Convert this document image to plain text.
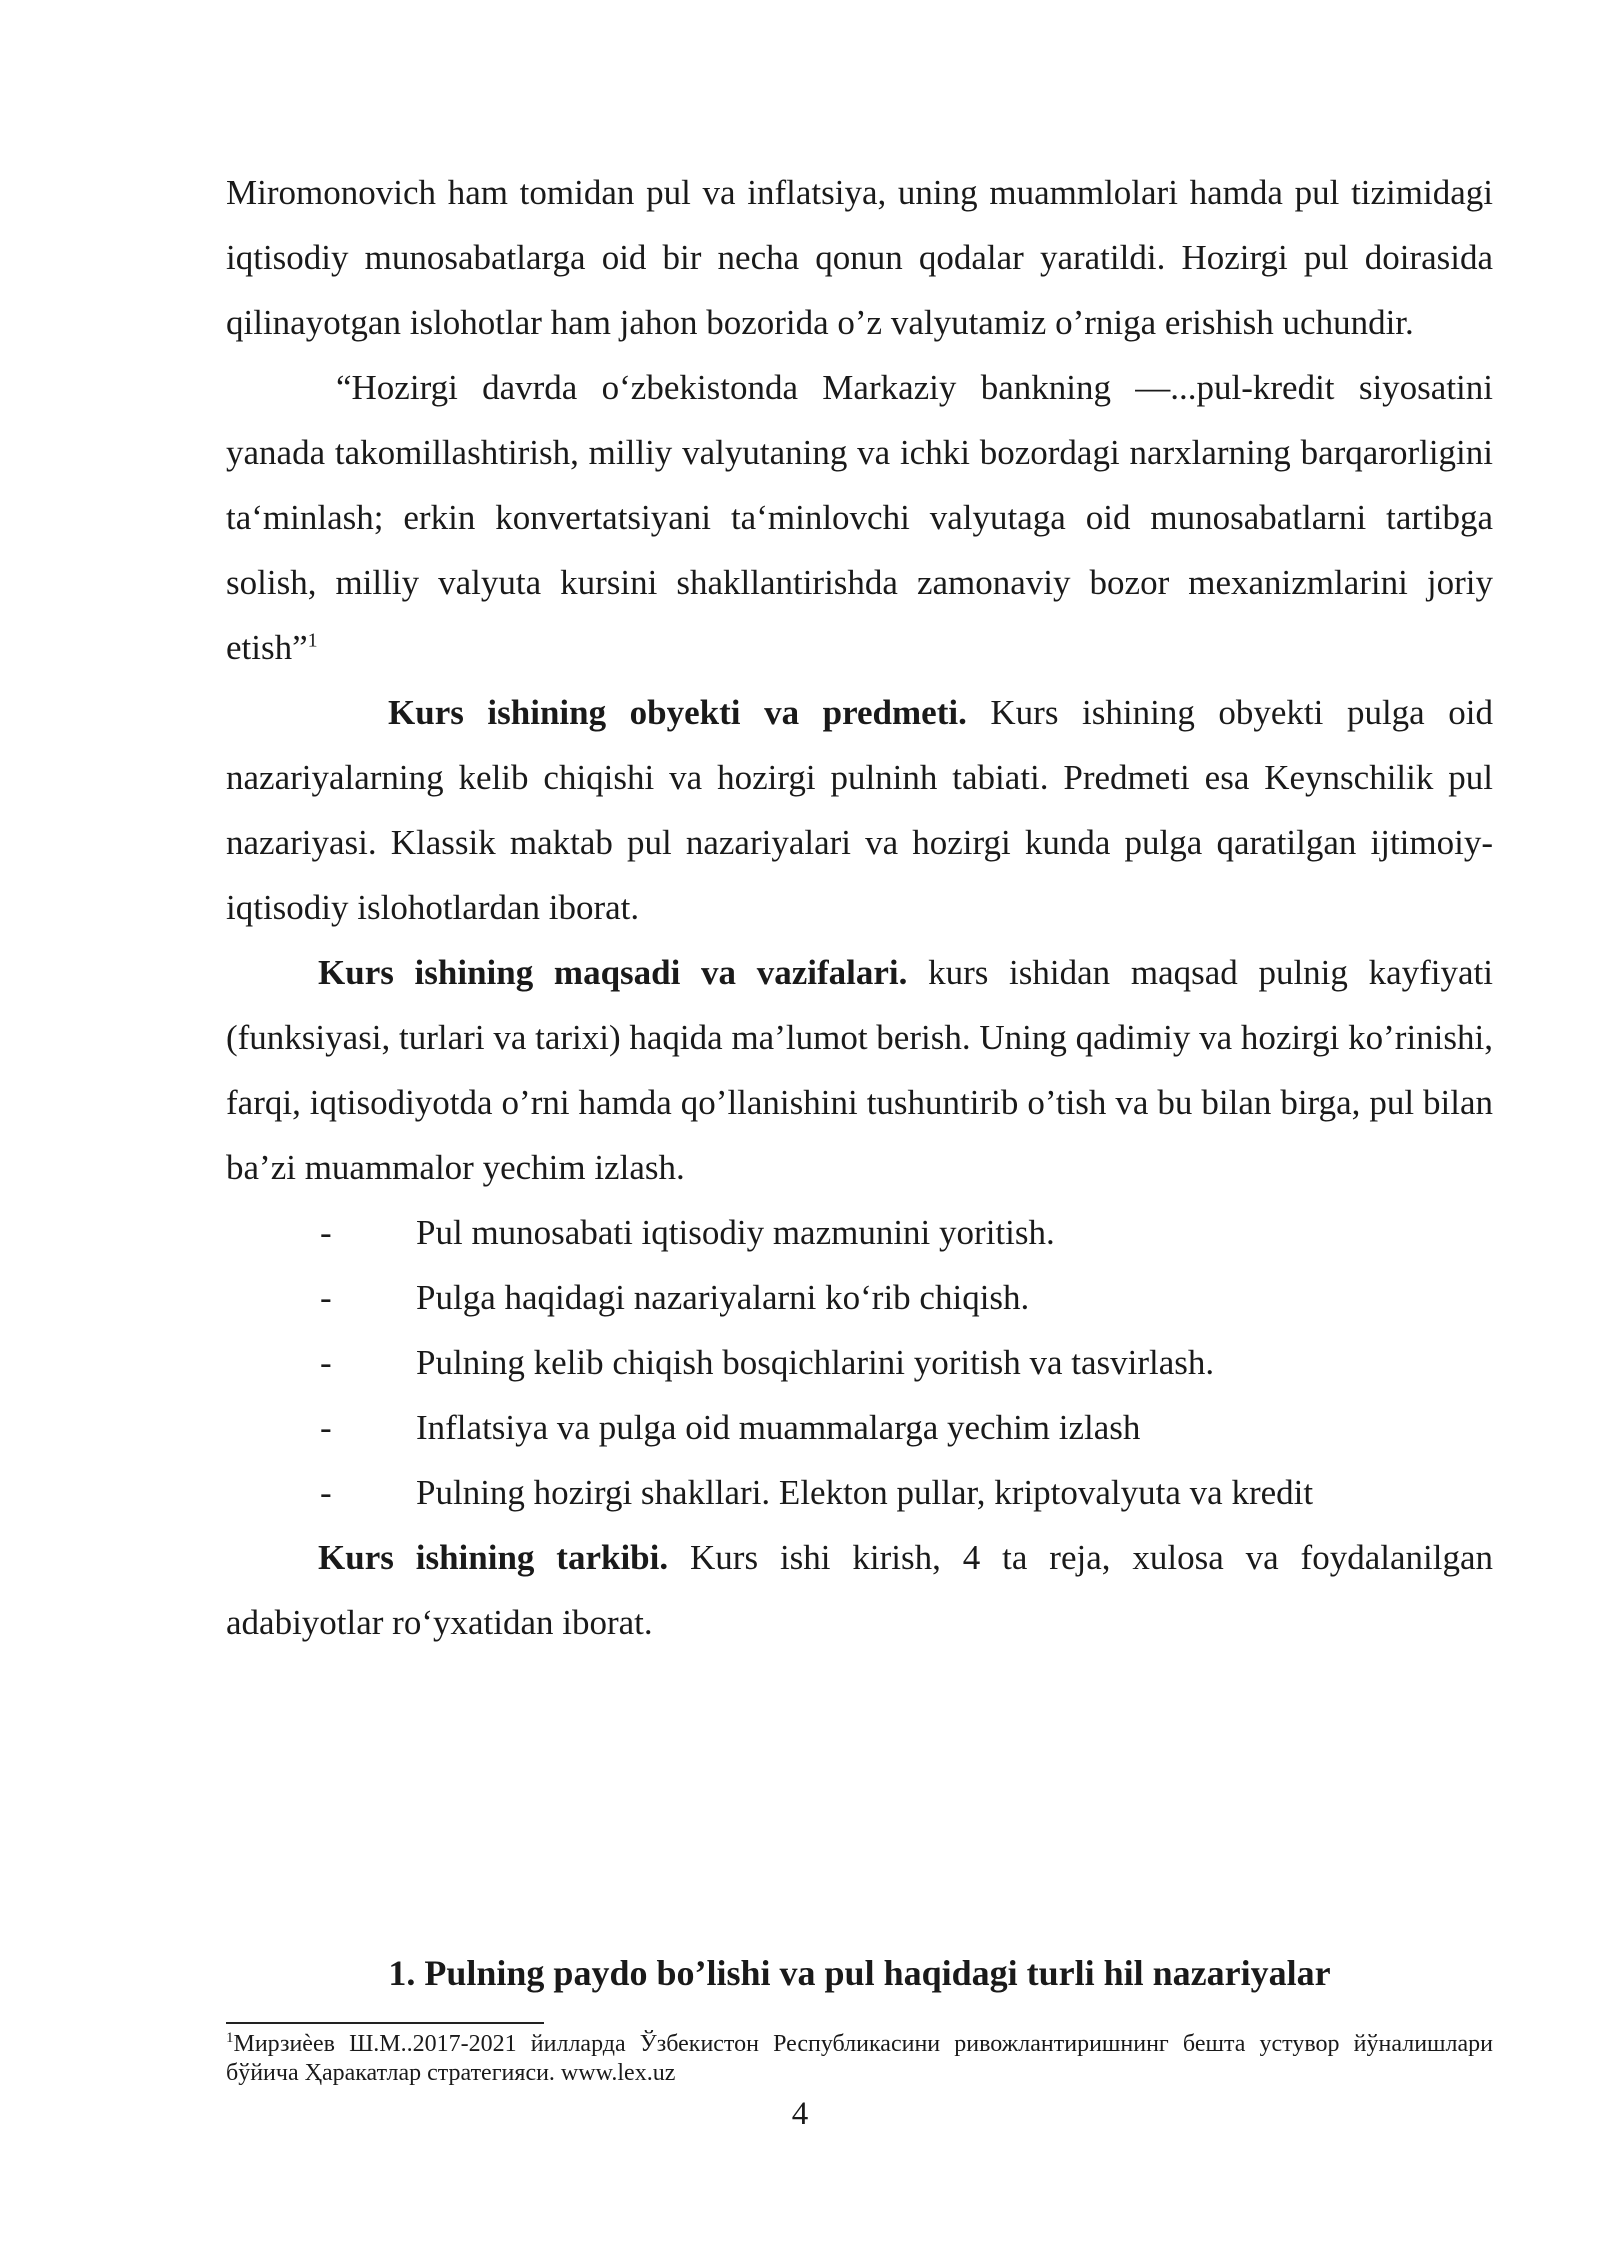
Miromonovich ham tomidan pul va inflatsiya, uning muammlolari hamda pul tizimidagi iqtisodiy munosabatlarga oid bir necha qonun qodalar yaratildi. Hozirgi pul doirasida qilinayotgan islohotlar ham jahon bozorida o’z valyutamiz o’rniga erishish uchundir.

“Hozirgi davrda oʻzbekistonda Markaziy bankning —...pul-kredit siyosatini yanada takomillashtirish, milliy valyutaning va ichki bozordagi narxlarning barqarorligini taʻminlash; erkin konvertatsiyani taʻminlovchi valyutaga oid munosabatlarni tartibga solish, milliy valyuta kursini shakllantirishda zamonaviy bozor mexanizmlarini joriy etish”$^1$

Kurs ishining obyekti va predmeti. Kurs ishining obyekti pulga oid nazariyalarning kelib chiqishi va hozirgi pulninh tabiati. Predmeti esa Keynschilik pul nazariyasi. Klassik maktab pul nazariyalari va hozirgi kunda pulga qaratilgan ijtimoiy-iqtisodiy islohotlardan iborat.

Kurs ishining maqsadi va vazifalari. kurs ishidan maqsad pulnig kayfiyati (funksiyasi, turlari va tarixi) haqida ma’lumot berish. Uning qadimiy va hozirgi ko’rinishi, farqi, iqtisodiyotda o’rni hamda qo’llanishini tushuntirib o’tish va bu bilan birga, pul bilan ba’zi muammalor yechim izlash.

- Pul munosabati iqtisodiy mazmunini yoritish.
- Pulga haqidagi nazariyalarni koʻrib chiqish.
- Pulning kelib chiqish bosqichlarini yoritish va tasvirlash.
- Inflatsiya va pulga oid muammalarga yechim izlash
- Pulning hozirgi shakllari. Elekton pullar, kriptovalyuta va kredit

Kurs ishining tarkibi. Kurs ishi kirish, 4 ta reja, xulosa va foydalanilgan adabiyotlar roʻyxatidan iborat.

1. Pulning paydo bo’lishi va pul haqidagi turli hil nazariyalar
$^1$Мирзиѐев Ш.М..2017-2021 йилларда Ўзбекистон Республикасини ривожлантиришнинг бешта устувор йўналишлари бўйича Ҳаракатлар стратегияси. www.lex.uz
4
